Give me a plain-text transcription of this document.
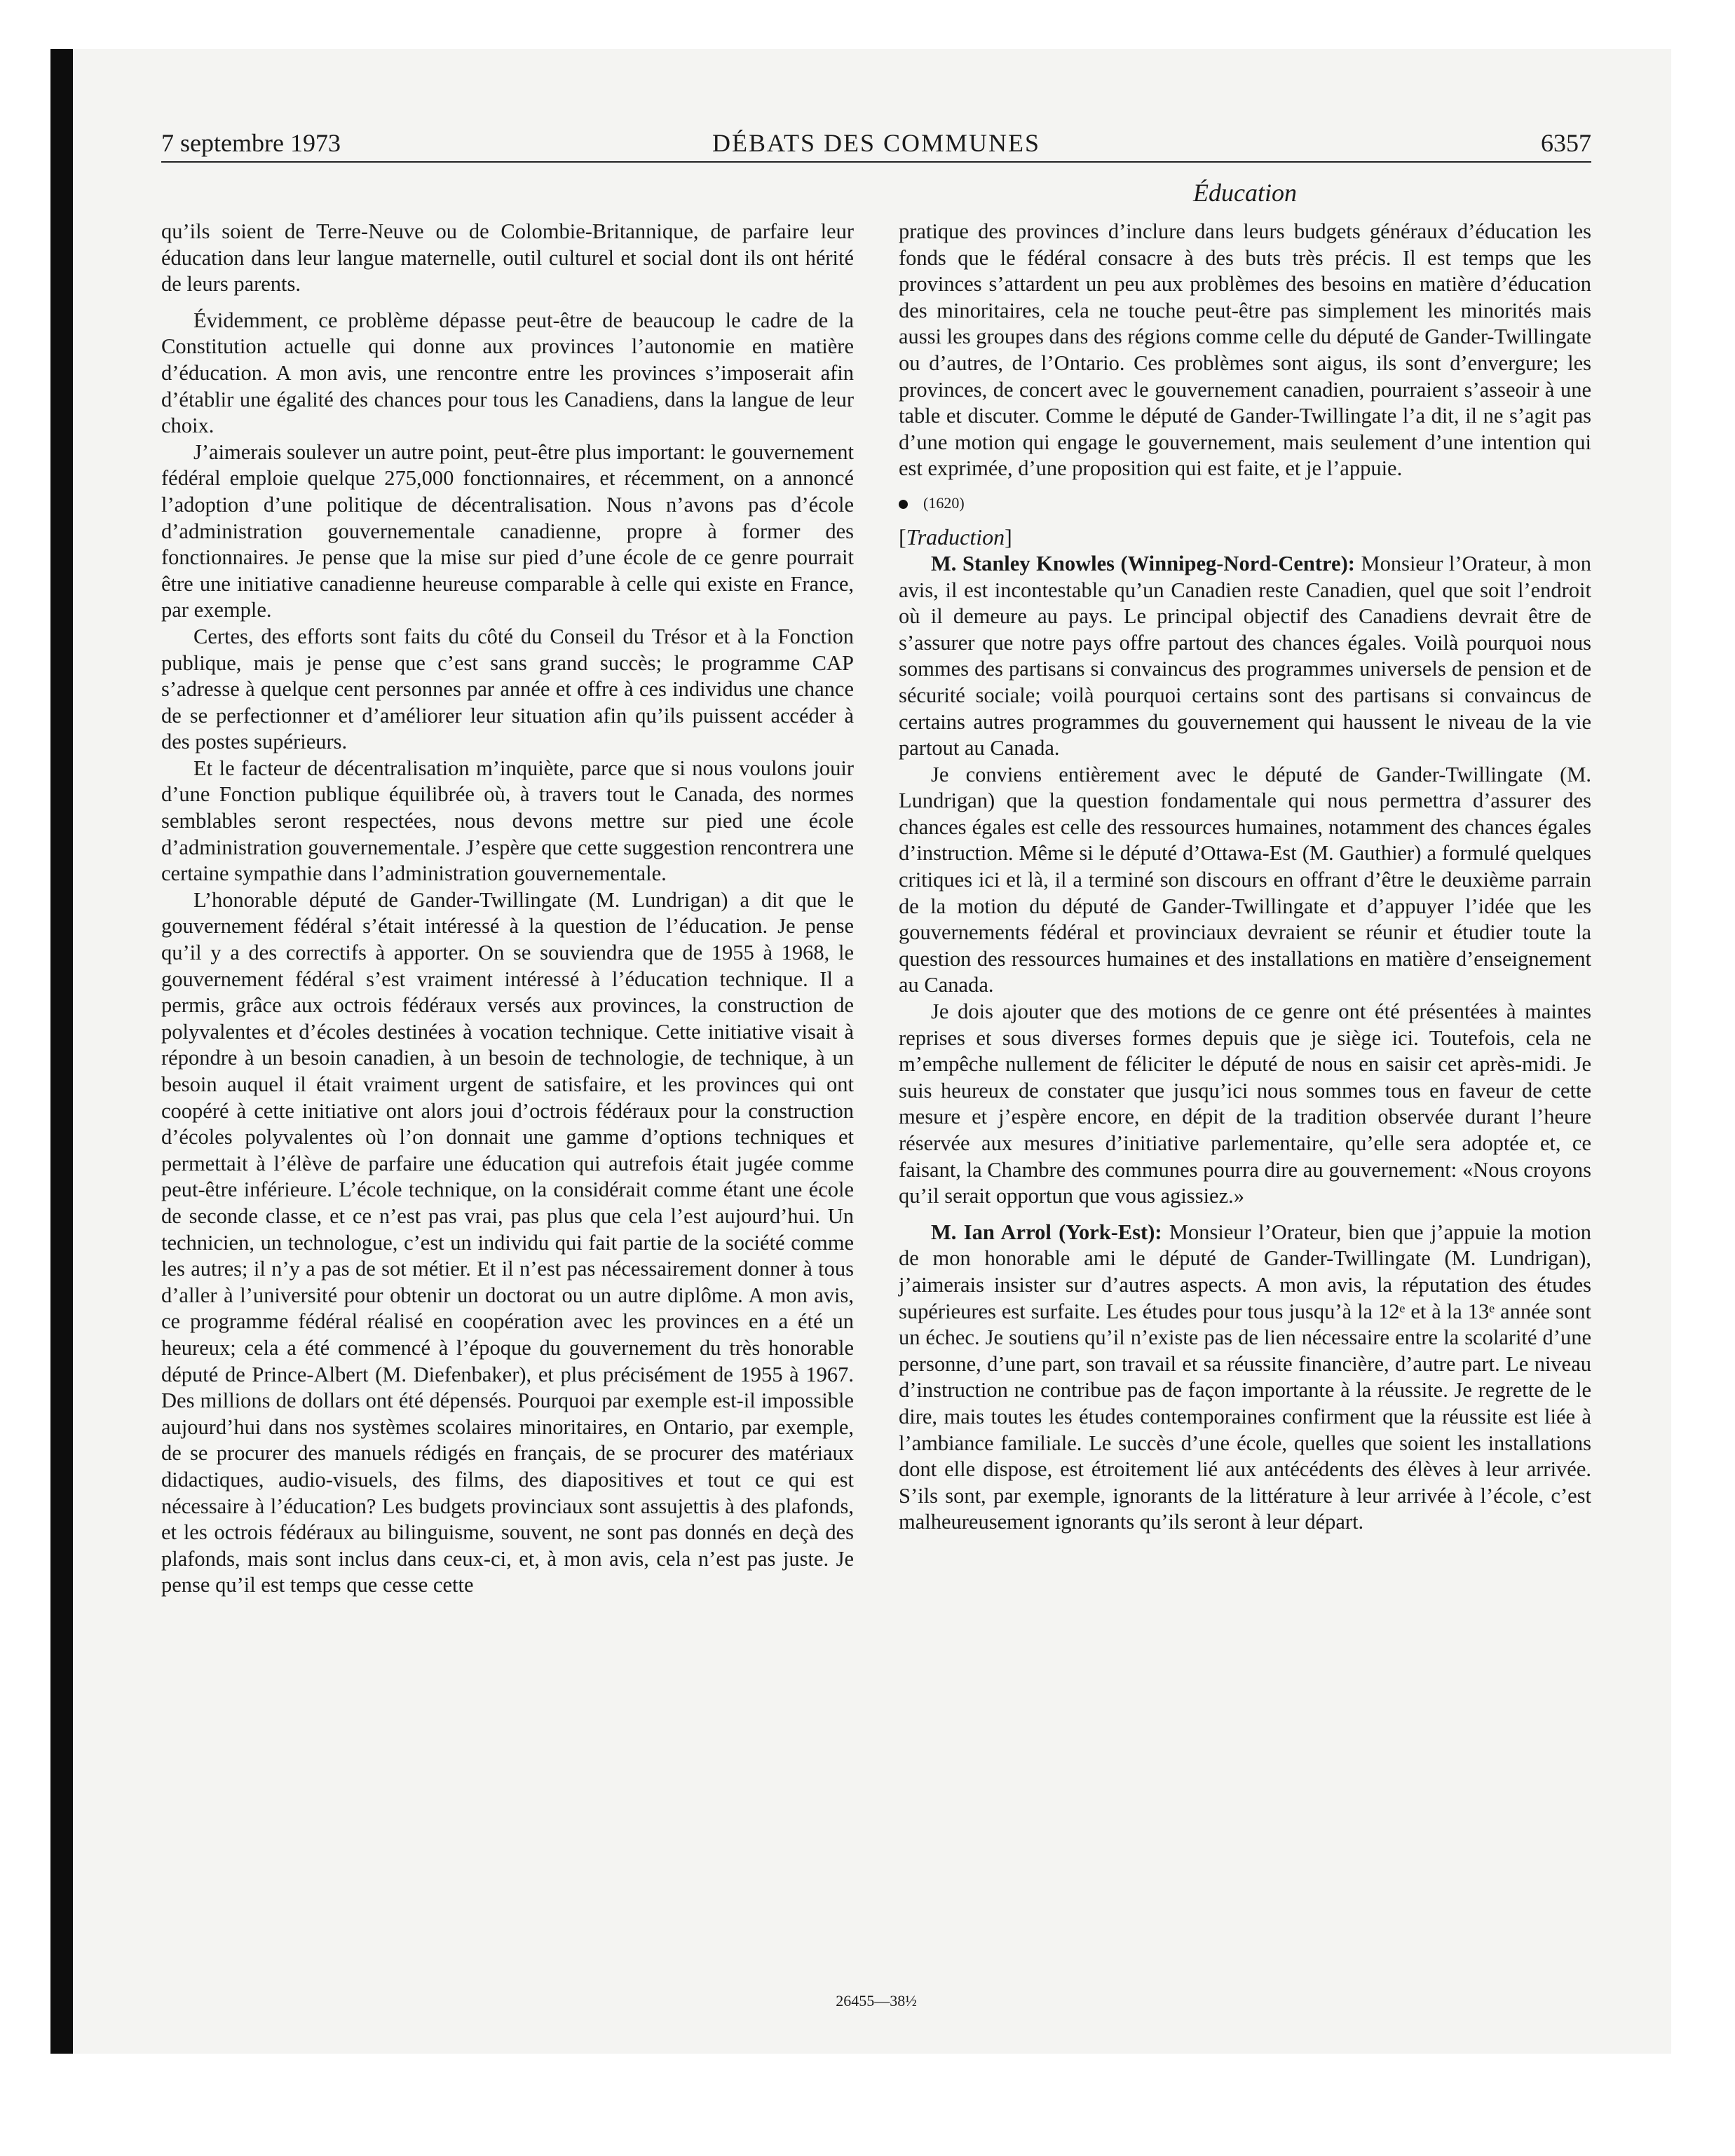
7 septembre 1973	DÉBATS DES COMMUNES	6357
Éducation

qu’ils soient de Terre-Neuve ou de Colombie-Britannique, de parfaire leur éducation dans leur langue maternelle, outil culturel et social dont ils ont hérité de leurs parents.

Évidemment, ce problème dépasse peut-être de beaucoup le cadre de la Constitution actuelle qui donne aux provinces l’autonomie en matière d’éducation. A mon avis, une rencontre entre les provinces s’imposerait afin d’établir une égalité des chances pour tous les Canadiens, dans la langue de leur choix.

J’aimerais soulever un autre point, peut-être plus important: le gouvernement fédéral emploie quelque 275,000 fonctionnaires, et récemment, on a annoncé l’adoption d’une politique de décentralisation. Nous n’avons pas d’école d’administration gouvernementale canadienne, propre à former des fonctionnaires. Je pense que la mise sur pied d’une école de ce genre pourrait être une initiative canadienne heureuse comparable à celle qui existe en France, par exemple.

Certes, des efforts sont faits du côté du Conseil du Trésor et à la Fonction publique, mais je pense que c’est sans grand succès; le programme CAP s’adresse à quelque cent personnes par année et offre à ces individus une chance de se perfectionner et d’améliorer leur situation afin qu’ils puissent accéder à des postes supérieurs.

Et le facteur de décentralisation m’inquiète, parce que si nous voulons jouir d’une Fonction publique équilibrée où, à travers tout le Canada, des normes semblables seront respectées, nous devons mettre sur pied une école d’administration gouvernementale. J’espère que cette suggestion rencontrera une certaine sympathie dans l’administration gouvernementale.

L’honorable député de Gander-Twillingate (M. Lundrigan) a dit que le gouvernement fédéral s’était intéressé à la question de l’éducation. Je pense qu’il y a des correctifs à apporter. On se souviendra que de 1955 à 1968, le gouvernement fédéral s’est vraiment intéressé à l’éducation technique. Il a permis, grâce aux octrois fédéraux versés aux provinces, la construction de polyvalentes et d’écoles destinées à vocation technique. Cette initiative visait à répondre à un besoin canadien, à un besoin de technologie, de technique, à un besoin auquel il était vraiment urgent de satisfaire, et les provinces qui ont coopéré à cette initiative ont alors joui d’octrois fédéraux pour la construction d’écoles polyvalentes où l’on donnait une gamme d’options techniques et permettait à l’élève de parfaire une éducation qui autrefois était jugée comme peut-être inférieure. L’école technique, on la considérait comme étant une école de seconde classe, et ce n’est pas vrai, pas plus que cela l’est aujourd’hui. Un technicien, un technologue, c’est un individu qui fait partie de la société comme les autres; il n’y a pas de sot métier. Et il n’est pas nécessairement donner à tous d’aller à l’université pour obtenir un doctorat ou un autre diplôme. A mon avis, ce programme fédéral réalisé en coopération avec les provinces en a été un heureux; cela a été commencé à l’époque du gouvernement du très honorable député de Prince-Albert (M. Diefenbaker), et plus précisément de 1955 à 1967. Des millions de dollars ont été dépensés. Pourquoi par exemple est-il impossible aujourd’hui dans nos systèmes scolaires minoritaires, en Ontario, par exemple, de se procurer des manuels rédigés en français, de se procurer des matériaux didactiques, audio-visuels, des films, des diapositives et tout ce qui est nécessaire à l’éducation? Les budgets provinciaux sont assujettis à des plafonds, et les octrois fédéraux au bilinguisme, souvent, ne sont pas donnés en deçà des plafonds, mais sont inclus dans ceux-ci, et, à mon avis, cela n’est pas juste. Je pense qu’il est temps que cesse cette

pratique des provinces d’inclure dans leurs budgets généraux d’éducation les fonds que le fédéral consacre à des buts très précis. Il est temps que les provinces s’attardent un peu aux problèmes des besoins en matière d’éducation des minoritaires, cela ne touche peut-être pas simplement les minorités mais aussi les groupes dans des régions comme celle du député de Gander-Twillingate ou d’autres, de l’Ontario. Ces problèmes sont aigus, ils sont d’envergure; les provinces, de concert avec le gouvernement canadien, pourraient s’asseoir à une table et discuter. Comme le député de Gander-Twillingate l’a dit, il ne s’agit pas d’une motion qui engage le gouvernement, mais seulement d’une intention qui est exprimée, d’une proposition qui est faite, et je l’appuie.

(1620)
[Traduction]

M. Stanley Knowles (Winnipeg-Nord-Centre): Monsieur l’Orateur, à mon avis, il est incontestable qu’un Canadien reste Canadien, quel que soit l’endroit où il demeure au pays. Le principal objectif des Canadiens devrait être de s’assurer que notre pays offre partout des chances égales. Voilà pourquoi nous sommes des partisans si convaincus des programmes universels de pension et de sécurité sociale; voilà pourquoi certains sont des partisans si convaincus de certains autres programmes du gouvernement qui haussent le niveau de la vie partout au Canada.

Je conviens entièrement avec le député de Gander-Twillingate (M. Lundrigan) que la question fondamentale qui nous permettra d’assurer des chances égales est celle des ressources humaines, notamment des chances égales d’instruction. Même si le député d’Ottawa-Est (M. Gauthier) a formulé quelques critiques ici et là, il a terminé son discours en offrant d’être le deuxième parrain de la motion du député de Gander-Twillingate et d’appuyer l’idée que les gouvernements fédéral et provinciaux devraient se réunir et étudier toute la question des ressources humaines et des installations en matière d’enseignement au Canada.

Je dois ajouter que des motions de ce genre ont été présentées à maintes reprises et sous diverses formes depuis que je siège ici. Toutefois, cela ne m’empêche nullement de féliciter le député de nous en saisir cet après-midi. Je suis heureux de constater que jusqu’ici nous sommes tous en faveur de cette mesure et j’espère encore, en dépit de la tradition observée durant l’heure réservée aux mesures d’initiative parlementaire, qu’elle sera adoptée et, ce faisant, la Chambre des communes pourra dire au gouvernement: «Nous croyons qu’il serait opportun que vous agissiez.»

M. Ian Arrol (York-Est): Monsieur l’Orateur, bien que j’appuie la motion de mon honorable ami le député de Gander-Twillingate (M. Lundrigan), j’aimerais insister sur d’autres aspects. A mon avis, la réputation des études supérieures est surfaite. Les études pour tous jusqu’à la 12ᵉ et à la 13ᵉ année sont un échec. Je soutiens qu’il n’existe pas de lien nécessaire entre la scolarité d’une personne, d’une part, son travail et sa réussite financière, d’autre part. Le niveau d’instruction ne contribue pas de façon importante à la réussite. Je regrette de le dire, mais toutes les études contemporaines confirment que la réussite est liée à l’ambiance familiale. Le succès d’une école, quelles que soient les installations dont elle dispose, est étroitement lié aux antécédents des élèves à leur arrivée. S’ils sont, par exemple, ignorants de la littérature à leur arrivée à l’école, c’est malheureusement ignorants qu’ils seront à leur départ.

26455—38½
